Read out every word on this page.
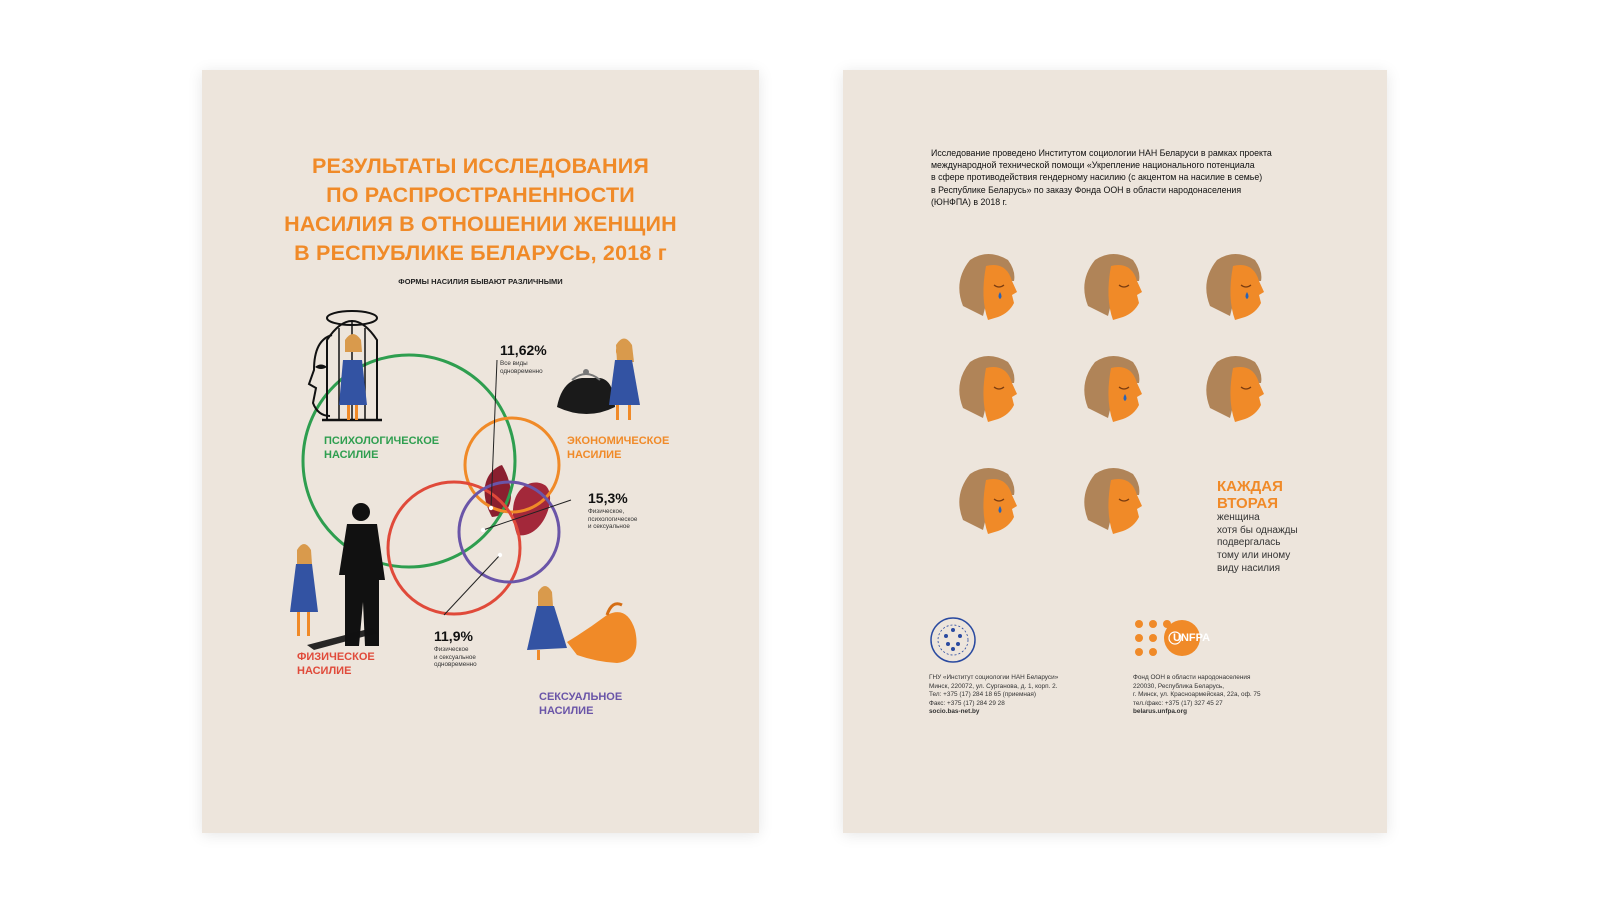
РЕЗУЛЬТАТЫ ИССЛЕДОВАНИЯ
ПО РАСПРОСТРАНЕННОСТИ
НАСИЛИЯ В ОТНОШЕНИИ ЖЕНЩИН
В РЕСПУБЛИКЕ БЕЛАРУСЬ, 2018 г
ФОРМЫ НАСИЛИЯ БЫВАЮТ РАЗЛИЧНЫМИ
ПСИХОЛОГИЧЕСКОЕ
НАСИЛИЕ
ЭКОНОМИЧЕСКОЕ
НАСИЛИЕ
ФИЗИЧЕСКОЕ
НАСИЛИЕ
СЕКСУАЛЬНОЕ
НАСИЛИЕ
11,62%
Все виды
одновременно
15,3%
Физическое,
психологическое
и сексуальное
11,9%
Физическое
и сексуальное
одновременно
Исследование проведено Институтом социологии НАН Беларуси в рамках проекта
международной технической помощи «Укрепление национального потенциала
в сфере противодействия гендерному насилию (с акцентом на насилие в семье)
в Республике Беларусь» по заказу Фонда ООН в области народонаселения
(ЮНФПА) в 2018 г.
КАЖДАЯ
ВТОРАЯ
женщина
хотя бы однажды
подвергалась
тому или иному
виду насилия
UNFPA
ГНУ «Институт социологии НАН Беларуси»
Минск, 220072, ул. Сурганова, д. 1, корп. 2.
Тел: +375 (17) 284 18 65 (приемная)
Факс: +375 (17) 284 29 28
socio.bas-net.by
Фонд ООН в области народонаселения
220030, Республика Беларусь,
г. Минск, ул. Красноармейская, 22а, оф. 75
тел./факс: +375 (17) 327 45 27
belarus.unfpa.org
